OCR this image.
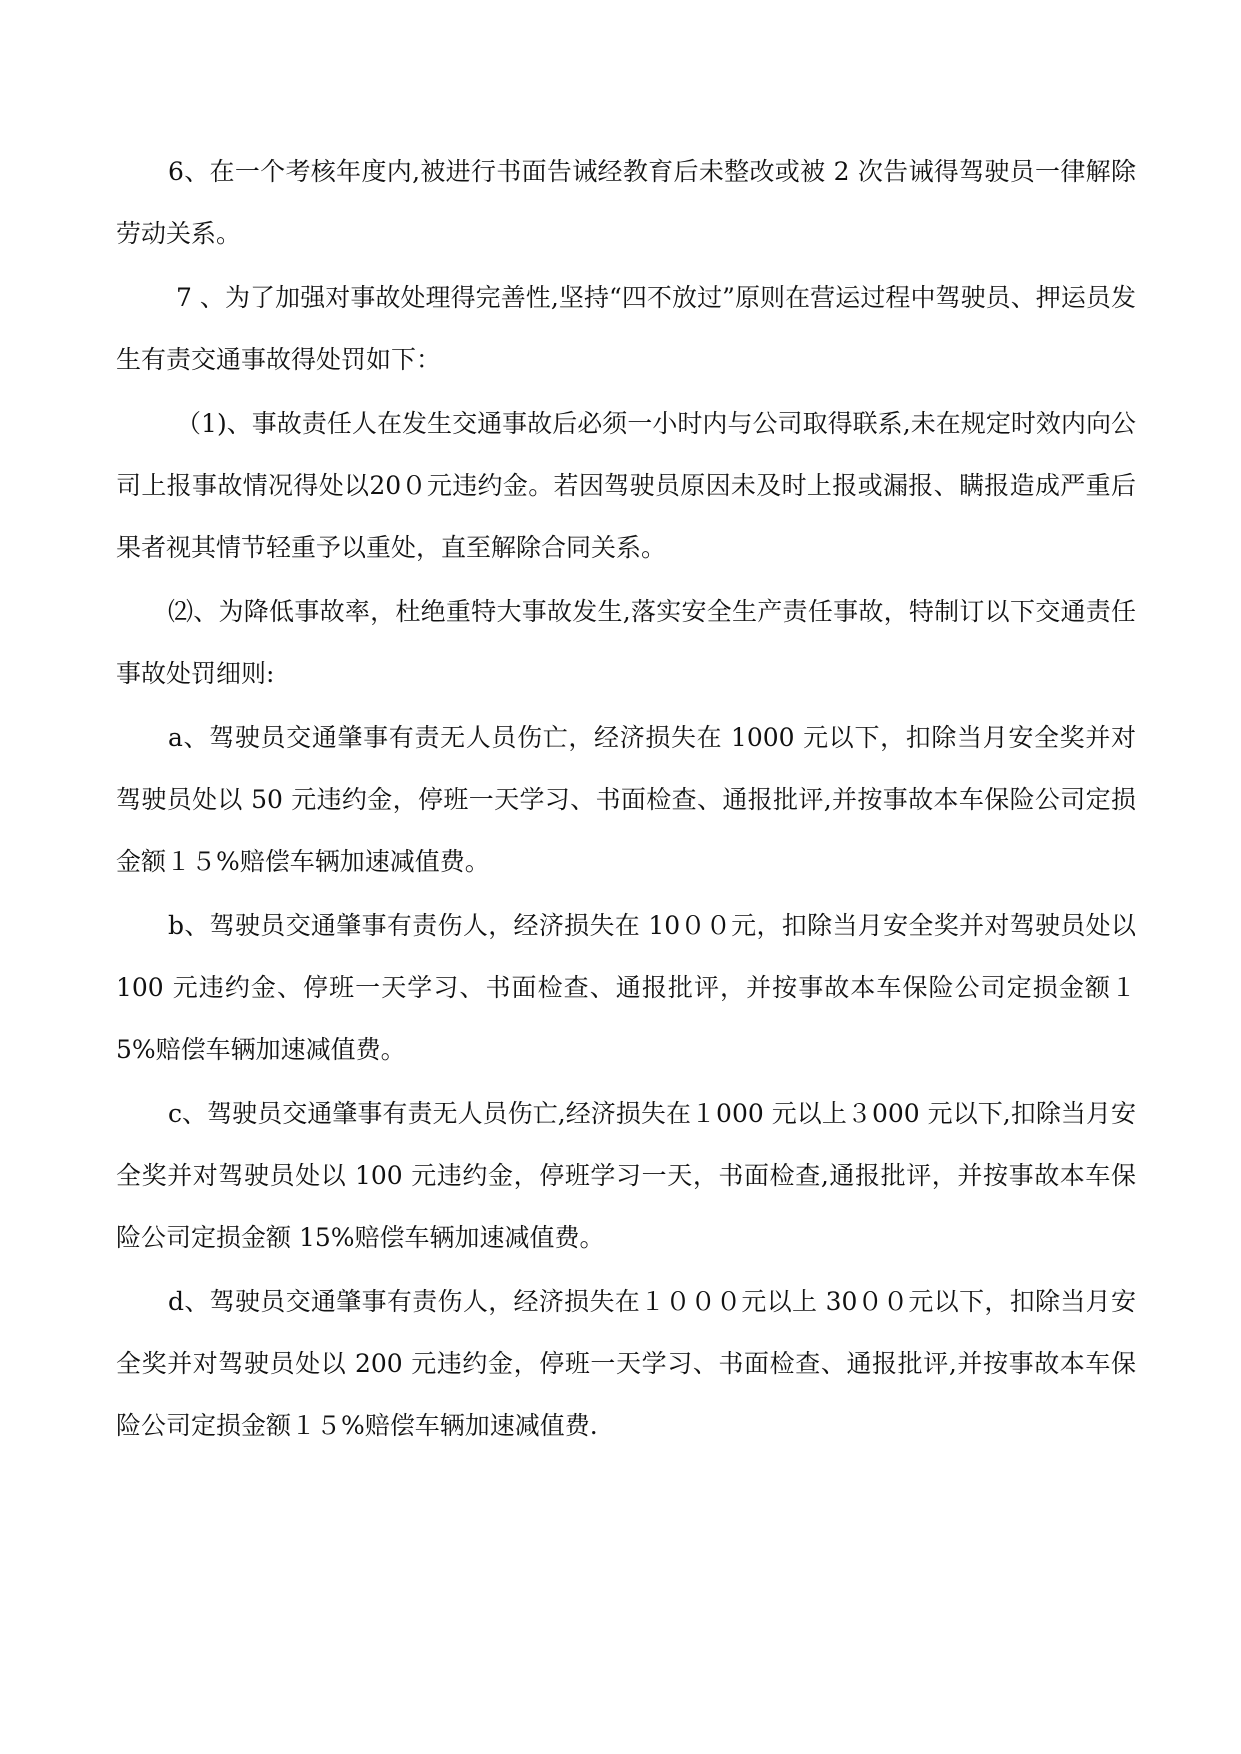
6、在一个考核年度内,被进行书面告诫经教育后未整改或被 2 次告诫得驾驶员一律解除劳动关系。

7 、为了加强对事故处理得完善性,坚持“四不放过”原则在营运过程中驾驶员、押运员发生有责交通事故得处罚如下：

（1)、事故责任人在发生交通事故后必须一小时内与公司取得联系,未在规定时效内向公司上报事故情况得处以20０元违约金。若因驾驶员原因未及时上报或漏报、瞒报造成严重后果者视其情节轻重予以重处，直至解除合同关系。

⑵、为降低事故率，杜绝重特大事故发生,落实安全生产责任事故，特制订以下交通责任事故处罚细则:

a、驾驶员交通肇事有责无人员伤亡，经济损失在 1000 元以下，扣除当月安全奖并对驾驶员处以 50 元违约金，停班一天学习、书面检查、通报批评,并按事故本车保险公司定损金额１５%赔偿车辆加速减值费。

b、驾驶员交通肇事有责伤人，经济损失在 10００元，扣除当月安全奖并对驾驶员处以 100 元违约金、停班一天学习、书面检查、通报批评，并按事故本车保险公司定损金额１5%赔偿车辆加速减值费。

c、驾驶员交通肇事有责无人员伤亡,经济损失在１000 元以上３000 元以下,扣除当月安全奖并对驾驶员处以 100 元违约金，停班学习一天，书面检查,通报批评，并按事故本车保险公司定损金额 15%赔偿车辆加速减值费。

d、驾驶员交通肇事有责伤人，经济损失在１０００元以上 30００元以下，扣除当月安全奖并对驾驶员处以 200 元违约金，停班一天学习、书面检查、通报批评,并按事故本车保险公司定损金额１５%赔偿车辆加速减值费.
